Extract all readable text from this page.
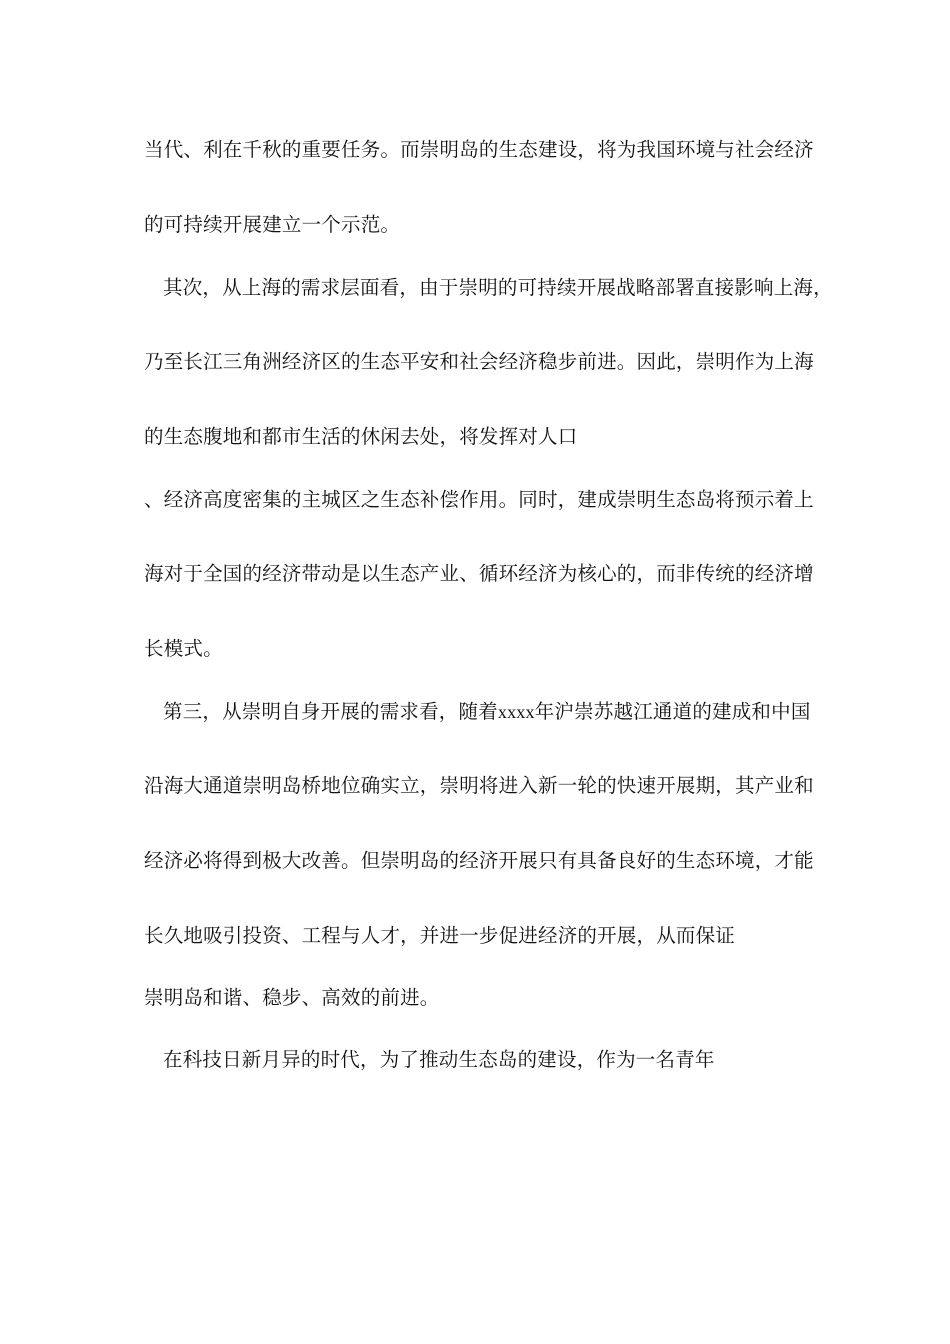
当代、利在千秋的重要任务。而崇明岛的生态建设，将为我国环境与社会经济
的可持续开展建立一个示范。
其次，从上海的需求层面看，由于崇明的可持续开展战略部署直接影响上海，
乃至长江三角洲经济区的生态平安和社会经济稳步前进。因此，崇明作为上海
的生态腹地和都市生活的休闲去处，将发挥对人口
、经济高度密集的主城区之生态补偿作用。同时，建成崇明生态岛将预示着上
海对于全国的经济带动是以生态产业、循环经济为核心的，而非传统的经济增
长模式。
第三，从崇明自身开展的需求看，随着xxxx年沪崇苏越江通道的建成和中国
沿海大通道崇明岛桥地位确实立，崇明将进入新一轮的快速开展期，其产业和
经济必将得到极大改善。但崇明岛的经济开展只有具备良好的生态环境，才能
长久地吸引投资、工程与人才，并进一步促进经济的开展，从而保证
崇明岛和谐、稳步、高效的前进。
在科技日新月异的时代，为了推动生态岛的建设，作为一名青年
